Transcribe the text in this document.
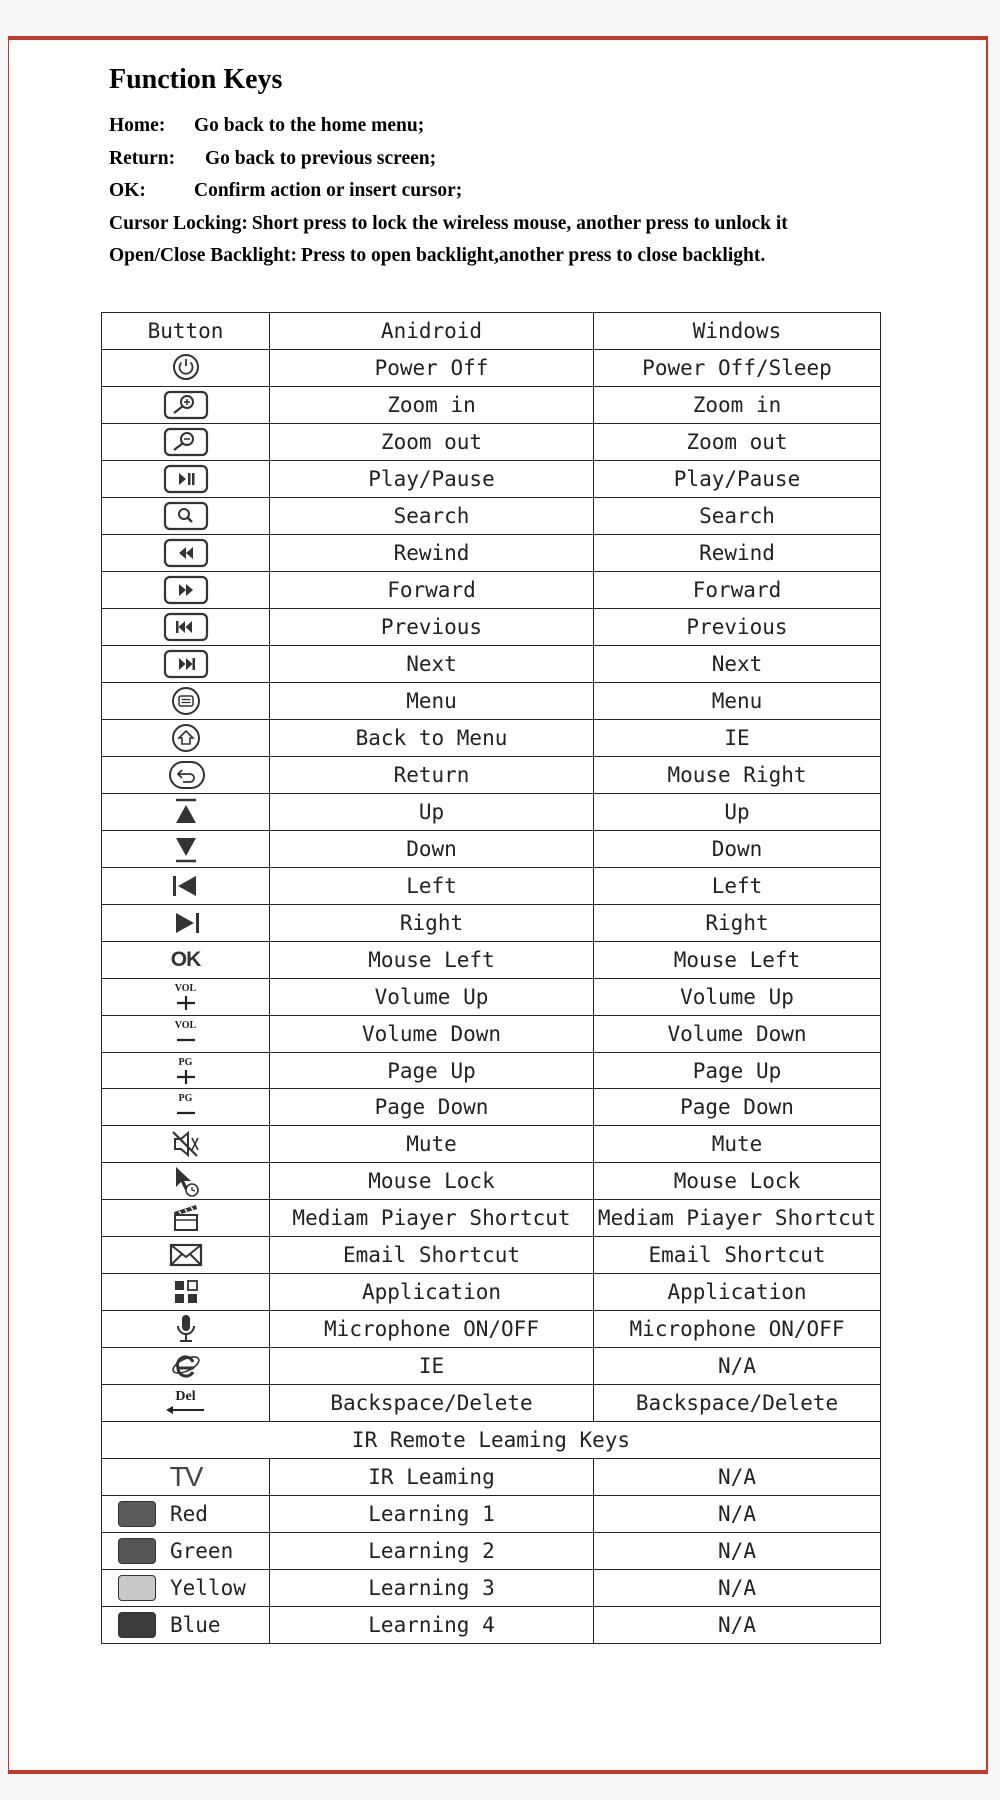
Function Keys
Home: Go back to the home menu;
Return: Go back to previous screen;
OK: Confirm action or insert cursor;
Cursor Locking: Short press to lock the wireless mouse, another press to unlock it
Open/Close Backlight: Press to open backlight,another press to close backlight.
Button	Anidroid	Windows

	Power Off	Power Off/Sleep

	Zoom in	Zoom in

	Zoom out	Zoom out

	Play/Pause	Play/Pause

	Search	Search

	Rewind	Rewind

	Forward	Forward

	Previous	Previous

	Next	Next

	Menu	Menu

	Back to Menu	IE

	Return	Mouse Right

	Up	Up

	Down	Down

	Left	Left

	Right	Right
OK	Mouse Left	Mouse Left

VOL	Volume Up	Volume Up

VOL	Volume Down	Volume Down

PG	Page Up	Page Up

PG	Page Down	Page Down

	Mute	Mute

	Mouse Lock	Mouse Lock

	Mediam Piayer Shortcut	Mediam Piayer Shortcut

	Email Shortcut	Email Shortcut

	Application	Application

	Microphone ON/OFF	Microphone ON/OFF

	IE	N/A

Del	Backspace/Delete	Backspace/Delete
IR Remote Leaming Keys		
TV	IR Leaming	N/A
Red	Learning 1	N/A
Green	Learning 2	N/A
Yellow	Learning 3	N/A
Blue	Learning 4	N/A
